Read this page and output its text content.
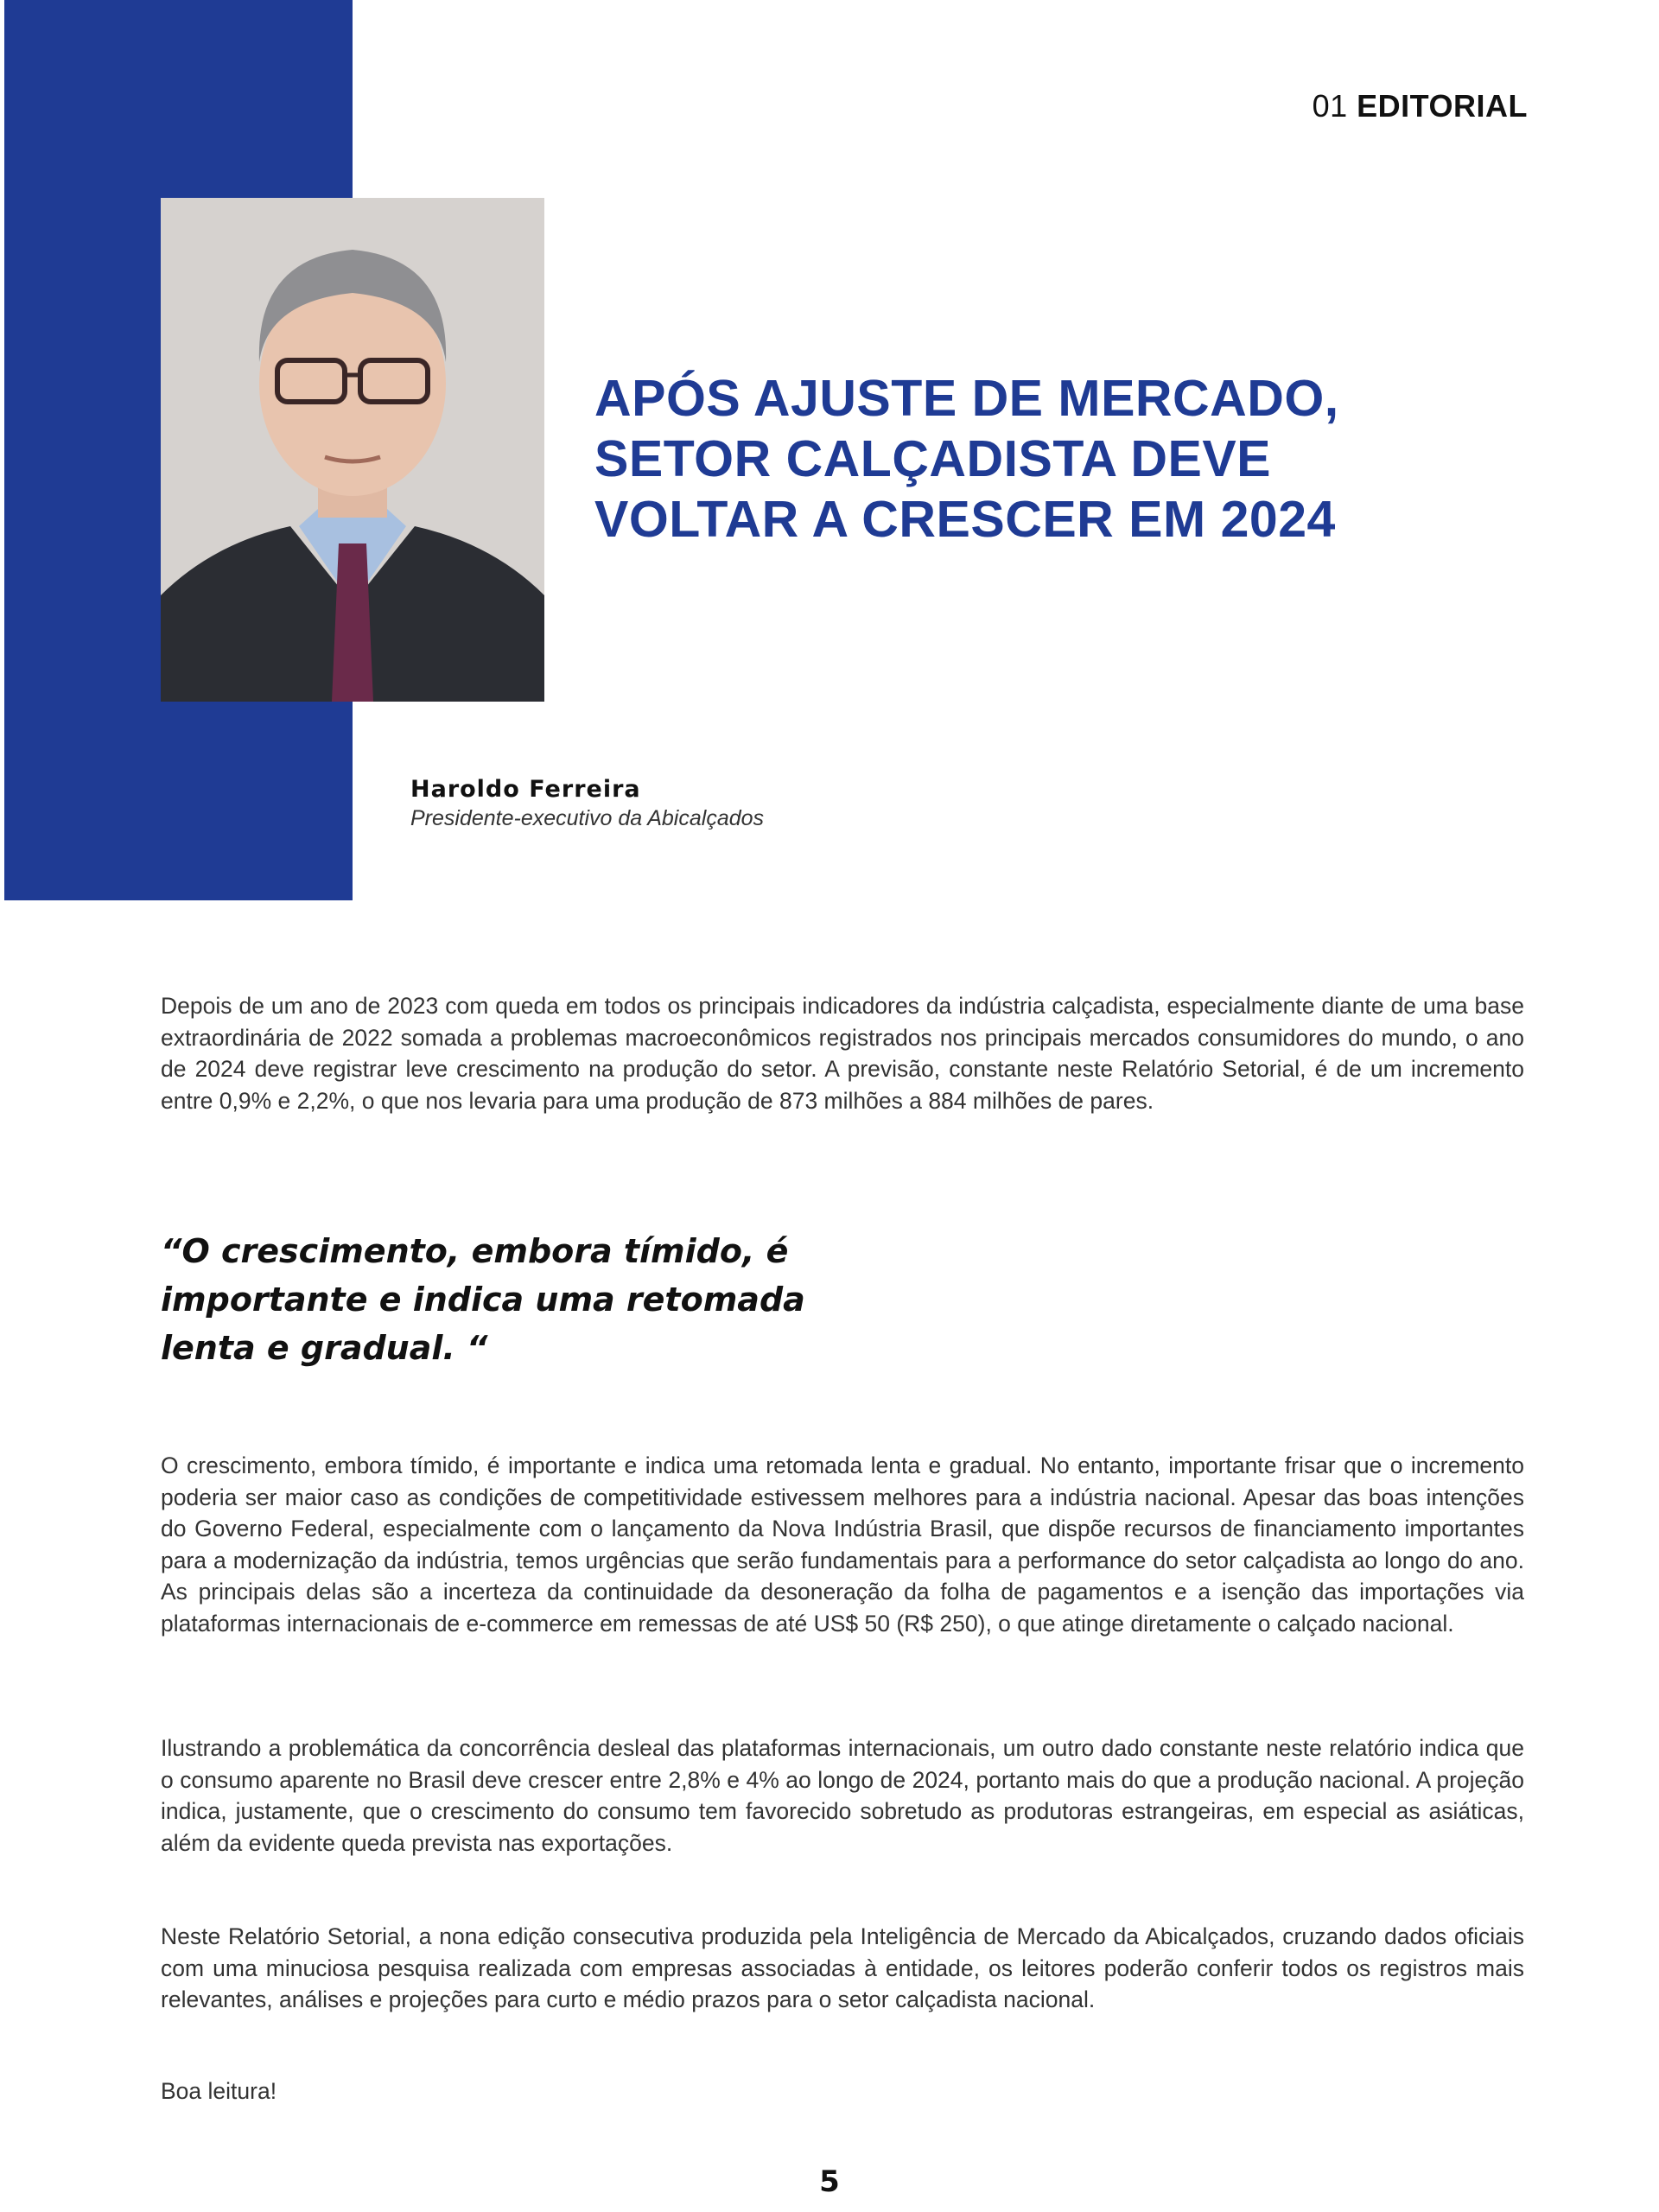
01 EDITORIAL
APÓS AJUSTE DE MERCADO,
SETOR CALÇADISTA DEVE
VOLTAR A CRESCER EM 2024
Haroldo Ferreira
Presidente-executivo da Abicalçados

Depois de um ano de 2023 com queda em todos os principais indicadores da indústria calçadista, especialmente diante de uma base extraordinária de 2022 somada a problemas macroeconômicos registrados nos principais mercados consumidores do mundo, o ano de 2024 deve registrar leve crescimento na produção do setor. A previsão, constante neste Relatório Setorial, é de um incremento entre 0,9% e 2,2%, o que nos levaria para uma produção de 873 milhões a 884 milhões de pares.

“O crescimento, embora tímido, é importante e indica uma retomada lenta e gradual. “

O crescimento, embora tímido, é importante e indica uma retomada lenta e gradual. No entanto, importante frisar que o incremento poderia ser maior caso as condições de competitividade estivessem melhores para a indústria nacional. Apesar das boas intenções do Governo Federal, especialmente com o lançamento da Nova Indústria Brasil, que dispõe recursos de financiamento importantes para a modernização da indústria, temos urgências que serão fundamentais para a performance do setor calçadista ao longo do ano. As principais delas são a incerteza da continuidade da desoneração da folha de pagamentos e a isenção das importações via plataformas internacionais de e-commerce em remessas de até US$ 50 (R$ 250), o que atinge diretamente o calçado nacional.

Ilustrando a problemática da concorrência desleal das plataformas internacionais, um outro dado constante neste relatório indica que o consumo aparente no Brasil deve crescer entre 2,8% e 4% ao longo de 2024, portanto mais do que a produção nacional. A projeção indica, justamente, que o crescimento do consumo tem favorecido sobretudo as produtoras estrangeiras, em especial as asiáticas, além da evidente queda prevista nas exportações.

Neste Relatório Setorial, a nona edição consecutiva produzida pela Inteligência de Mercado da Abicalçados, cruzando dados oficiais com uma minuciosa pesquisa realizada com empresas associadas à entidade, os leitores poderão conferir todos os registros mais relevantes, análises e projeções para curto e médio prazos para o setor calçadista nacional.

Boa leitura!

5
